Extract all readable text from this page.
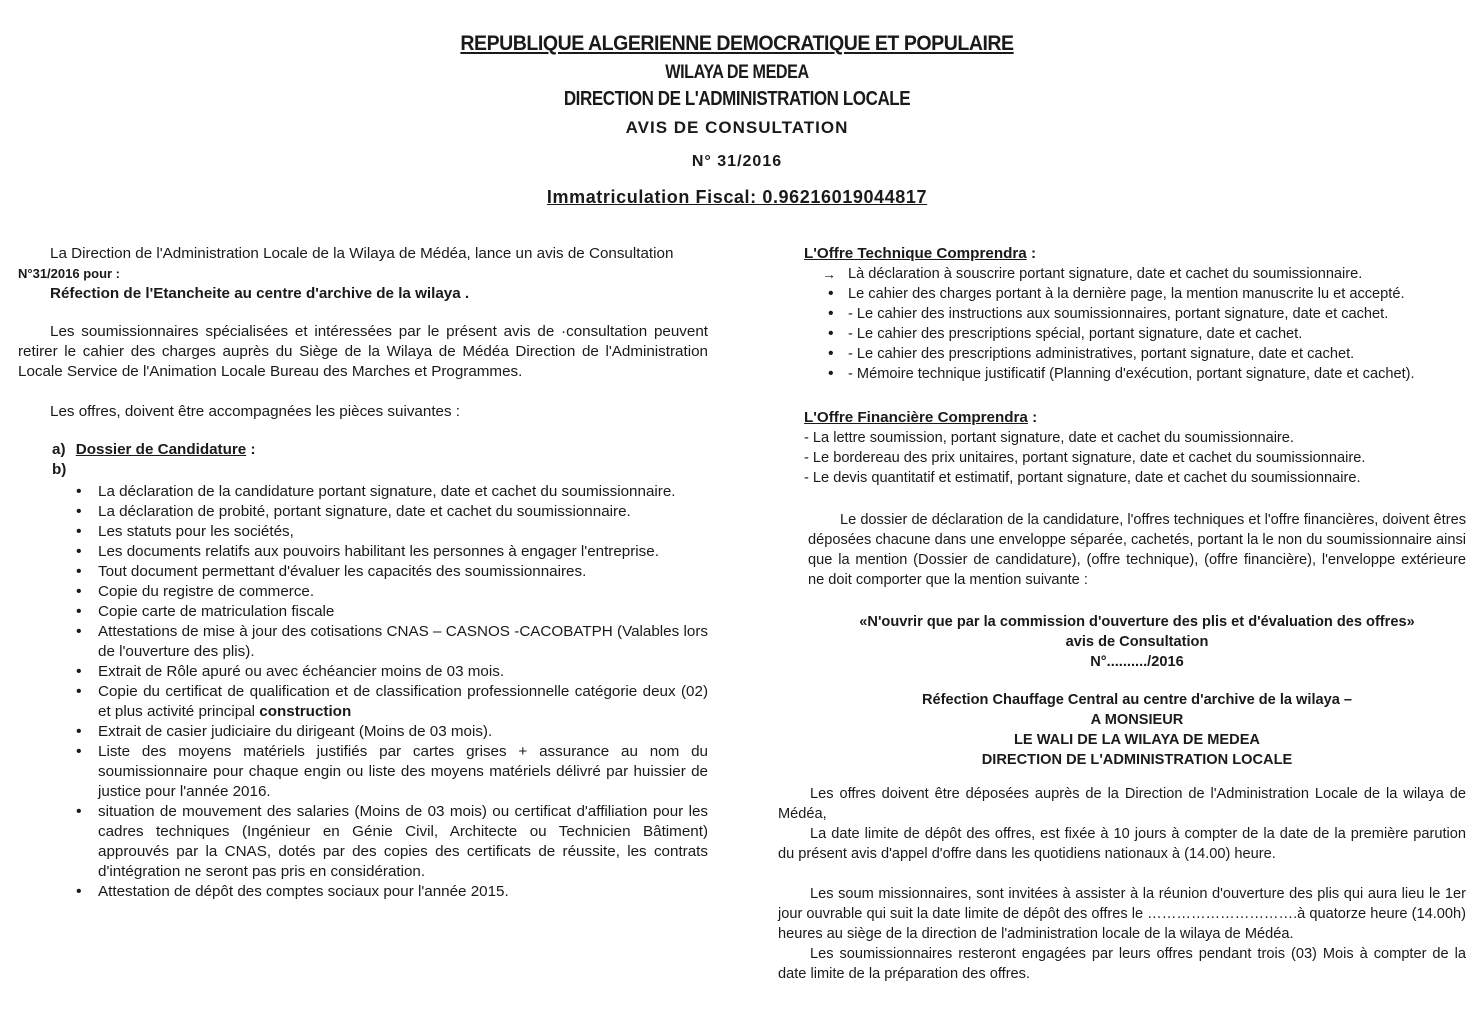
REPUBLIQUE ALGERIENNE DEMOCRATIQUE ET POPULAIRE
WILAYA DE MEDEA
DIRECTION DE L'ADMINISTRATION LOCALE
AVIS DE CONSULTATION
N° 31/2016
Immatriculation Fiscal: 0.96216019044817

La Direction de l'Administration Locale de la Wilaya de Médéa, lance un avis de Consultation

N°31/2016 pour :

Réfection de l'Etancheite au centre d'archive de la wilaya .

Les soumissionnaires spécialisées et intéressées par le présent avis de ·consultation peuvent retirer le cahier des charges auprès du Siège de la Wilaya de Médéa Direction de l'Administration Locale Service de l'Animation Locale Bureau des Marches et Programmes.

Les offres, doivent être accompagnées les pièces suivantes :

a) Dossier de Candidature :

b)

• La déclaration de la candidature portant signature, date et cachet du soumissionnaire.
• La déclaration de probité, portant signature, date et cachet du soumissionnaire.
• Les statuts pour les sociétés,
• Les documents relatifs aux pouvoirs habilitant les personnes à engager l'entreprise.
• Tout document permettant d'évaluer les capacités des soumissionnaires.
• Copie du registre de commerce.
• Copie carte de matriculation fiscale
• Attestations de mise à jour des cotisations CNAS – CASNOS -CACOBATPH (Valables lors de l'ouverture des plis).
• Extrait de Rôle apuré ou avec échéancier moins de 03 mois.
• Copie du certificat de qualification et de classification professionnelle catégorie deux (02) et plus activité principal construction
• Extrait de casier judiciaire du dirigeant (Moins de 03 mois).
• Liste des moyens matériels justifiés par cartes grises + assurance au nom du soumissionnaire pour chaque engin ou liste des moyens matériels délivré par huissier de justice pour l'année 2016.
• situation de mouvement des salaries (Moins de 03 mois) ou certificat d'affiliation pour les cadres techniques (Ingénieur en Génie Civil, Architecte ou Technicien Bâtiment) approuvés par la CNAS, dotés par des copies des certificats de réussite, les contrats d'intégration ne seront pas pris en considération.
• Attestation de dépôt des comptes sociaux pour l'année 2015.

L'Offre Technique Comprendra :

→ Là déclaration à souscrire portant signature, date et cachet du soumissionnaire.
• Le cahier des charges portant à la dernière page, la mention manuscrite lu et accepté.
• - Le cahier des instructions aux soumissionnaires, portant signature, date et cachet.
• - Le cahier des prescriptions spécial, portant signature, date et cachet.
• - Le cahier des prescriptions administratives, portant signature, date et cachet.
• - Mémoire technique justificatif (Planning d'exécution, portant signature, date et cachet).

L'Offre Financière Comprendra :

- La lettre soumission, portant signature, date et cachet du soumissionnaire.

- Le bordereau des prix unitaires, portant signature, date et cachet du soumissionnaire.

- Le devis quantitatif et estimatif, portant signature, date et cachet du soumissionnaire.

Le dossier de déclaration de la candidature, l'offres techniques et l'offre financières, doivent êtres déposées chacune dans une enveloppe séparée, cachetés, portant la le non du soumissionnaire ainsi que la mention (Dossier de candidature), (offre technique), (offre financière), l'enveloppe extérieure ne doit comporter que la mention suivante :

«N'ouvrir que par la commission d'ouverture des plis et d'évaluation des offres»

avis de Consultation

N°........../2016

Réfection Chauffage Central au centre d'archive de la wilaya –

A MONSIEUR

LE WALI DE LA WILAYA DE MEDEA

DIRECTION DE L'ADMINISTRATION LOCALE

Les offres doivent être déposées auprès de la Direction de l'Administration Locale de la wilaya de Médéa,

La date limite de dépôt des offres, est fixée à 10 jours à compter de la date de la première parution du présent avis d'appel d'offre dans les quotidiens nationaux à (14.00) heure.

Les soum missionnaires, sont invitées à assister à la réunion d'ouverture des plis qui aura lieu le 1er jour ouvrable qui suit la date limite de dépôt des offres le ………………………….à quatorze heure (14.00h) heures au siège de la direction de l'administration locale de la wilaya de Médéa.

Les soumissionnaires resteront engagées par leurs offres pendant trois (03) Mois à compter de la date limite de la préparation des offres.
